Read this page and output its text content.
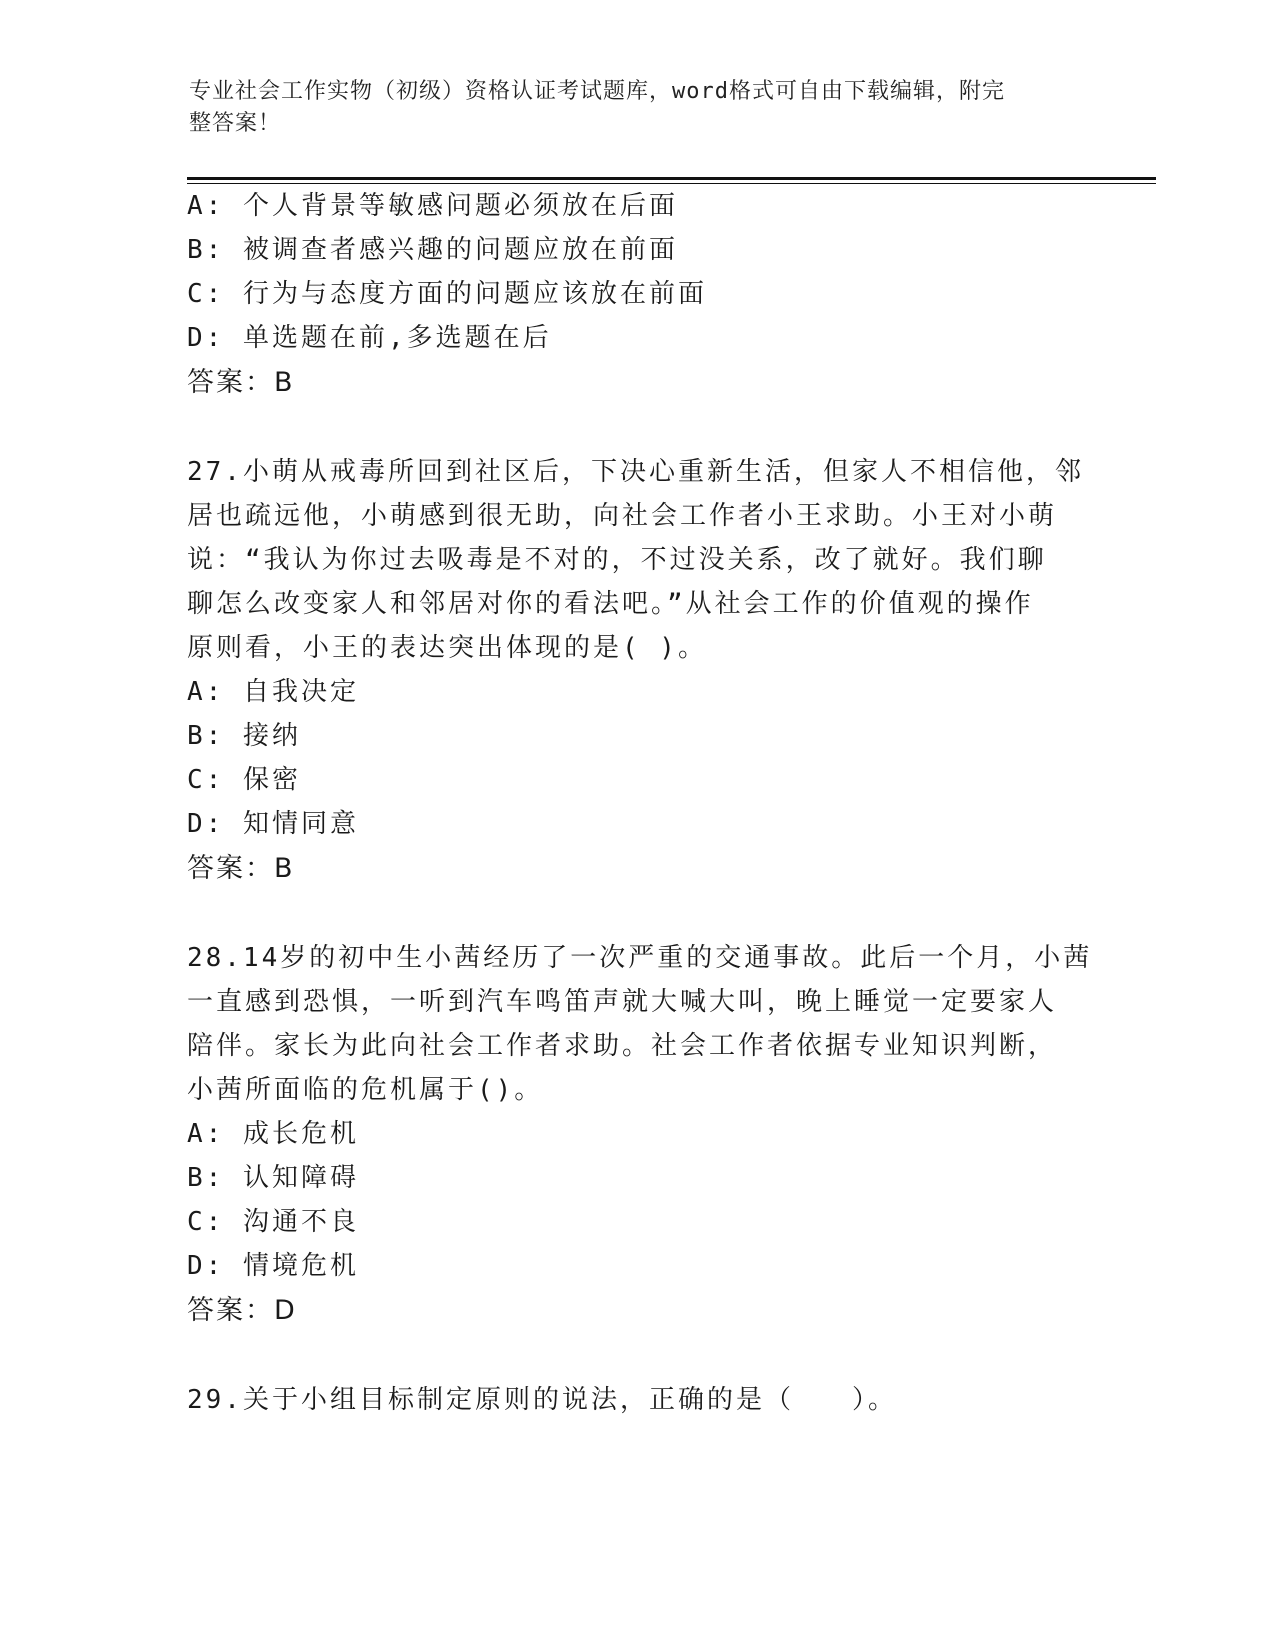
专业社会工作实物（初级）资格认证考试题库，word格式可自由下载编辑，附完
整答案！
A: 个人背景等敏感问题必须放在后面
B: 被调查者感兴趣的问题应放在前面
C: 行为与态度方面的问题应该放在前面
D: 单选题在前,多选题在后
答案：B
27.小萌从戒毒所回到社区后，下决心重新生活，但家人不相信他，邻
居也疏远他，小萌感到很无助，向社会工作者小王求助。小王对小萌
说：“我认为你过去吸毒是不对的，不过没关系，改了就好。我们聊
聊怎么改变家人和邻居对你的看法吧。”从社会工作的价值观的操作
原则看，小王的表达突出体现的是( )。
A: 自我决定
B: 接纳
C: 保密
D: 知情同意
答案：B
28.14岁的初中生小茜经历了一次严重的交通事故。此后一个月，小茜
一直感到恐惧，一听到汽车鸣笛声就大喊大叫，晚上睡觉一定要家人
陪伴。家长为此向社会工作者求助。社会工作者依据专业知识判断，
小茜所面临的危机属于()。
A: 成长危机
B: 认知障碍
C: 沟通不良
D: 情境危机
答案：D
29.关于小组目标制定原则的说法，正确的是（　　）。
